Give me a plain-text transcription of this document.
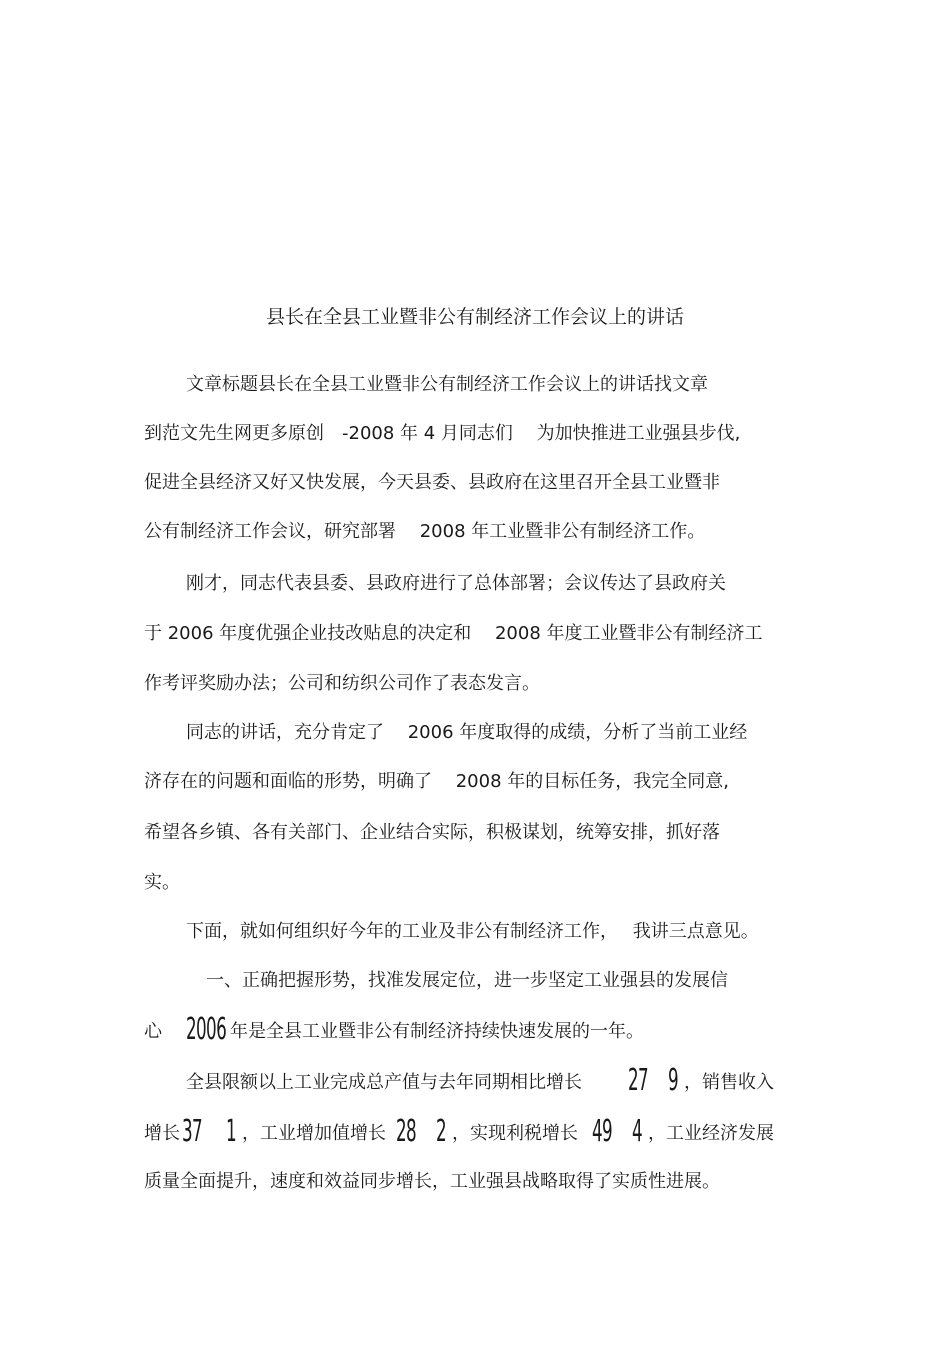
县长在全县工业暨非公有制经济工作会议上的讲话
文章标题县长在全县工业暨非公有制经济工作会议上的讲话找文章
到范文先生网更多原创　-2008 年 4 月同志们　 为加快推进工业强县步伐,
促进全县经济又好又快发展，今天县委、县政府在这里召开全县工业暨非
公有制经济工作会议，研究部署　 2008 年工业暨非公有制经济工作。
刚才，同志代表县委、县政府进行了总体部署；会议传达了县政府关
于 2006 年度优强企业技改贴息的决定和　 2008 年度工业暨非公有制经济工
作考评奖励办法；公司和纺织公司作了表态发言。
同志的讲话，充分肯定了　 2006 年度取得的成绩，分析了当前工业经
济存在的问题和面临的形势，明确了　 2008 年的目标任务，我完全同意,
希望各乡镇、各有关部门、企业结合实际，积极谋划，统筹安排，抓好落
实。
下面，就如何组织好今年的工业及非公有制经济工作，　 我讲三点意见。
一、正确把握形势，找准发展定位，进一步坚定工业强县的发展信
心 2006 年是全县工业暨非公有制经济持续快速发展的一年。
全县限额以上工业完成总产值与去年同期相比增长 27 9 ，销售收入
增长37 1 ，工业增加值增长 28 2 ，实现利税增长 49 4 ，工业经济发展
质量全面提升，速度和效益同步增长，工业强县战略取得了实质性进展。
